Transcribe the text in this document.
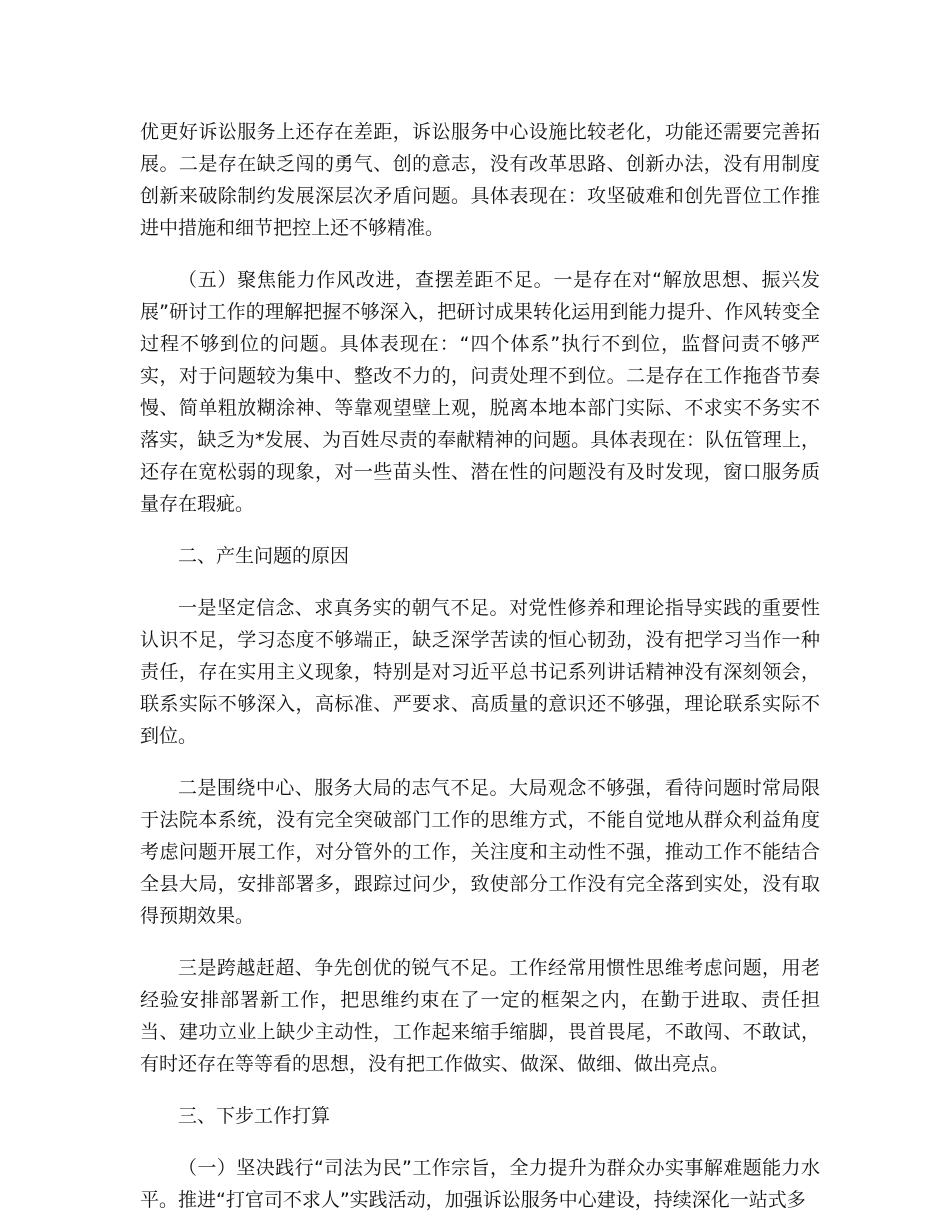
优更好诉讼服务上还存在差距，诉讼服务中心设施比较老化，功能还需要完善拓展。二是存在缺乏闯的勇气、创的意志，没有改革思路、创新办法，没有用制度创新来破除制约发展深层次矛盾问题。具体表现在：攻坚破难和创先晋位工作推进中措施和细节把控上还不够精准。

（五）聚焦能力作风改进，查摆差距不足。一是存在对“解放思想、振兴发展”研讨工作的理解把握不够深入，把研讨成果转化运用到能力提升、作风转变全过程不够到位的问题。具体表现在：“四个体系”执行不到位，监督问责不够严实，对于问题较为集中、整改不力的，问责处理不到位。二是存在工作拖沓节奏慢、简单粗放糊涂神、等靠观望壁上观，脱离本地本部门实际、不求实不务实不落实，缺乏为*发展、为百姓尽责的奉献精神的问题。具体表现在：队伍管理上，还存在宽松弱的现象，对一些苗头性、潜在性的问题没有及时发现，窗口服务质量存在瑕疵。

二、产生问题的原因

一是坚定信念、求真务实的朝气不足。对党性修养和理论指导实践的重要性认识不足，学习态度不够端正，缺乏深学苦读的恒心韧劲，没有把学习当作一种责任，存在实用主义现象，特别是对习近平总书记系列讲话精神没有深刻领会，联系实际不够深入，高标准、严要求、高质量的意识还不够强，理论联系实际不到位。

二是围绕中心、服务大局的志气不足。大局观念不够强，看待问题时常局限于法院本系统，没有完全突破部门工作的思维方式，不能自觉地从群众利益角度考虑问题开展工作，对分管外的工作，关注度和主动性不强，推动工作不能结合全县大局，安排部署多，跟踪过问少，致使部分工作没有完全落到实处，没有取得预期效果。

三是跨越赶超、争先创优的锐气不足。工作经常用惯性思维考虑问题，用老经验安排部署新工作，把思维约束在了一定的框架之内，在勤于进取、责任担当、建功立业上缺少主动性，工作起来缩手缩脚，畏首畏尾，不敢闯、不敢试，有时还存在等等看的思想，没有把工作做实、做深、做细、做出亮点。

三、下步工作打算

（一）坚决践行“司法为民”工作宗旨，全力提升为群众办实事解难题能力水平。推进“打官司不求人”实践活动，加强诉讼服务中心建设，持续深化一站式多
